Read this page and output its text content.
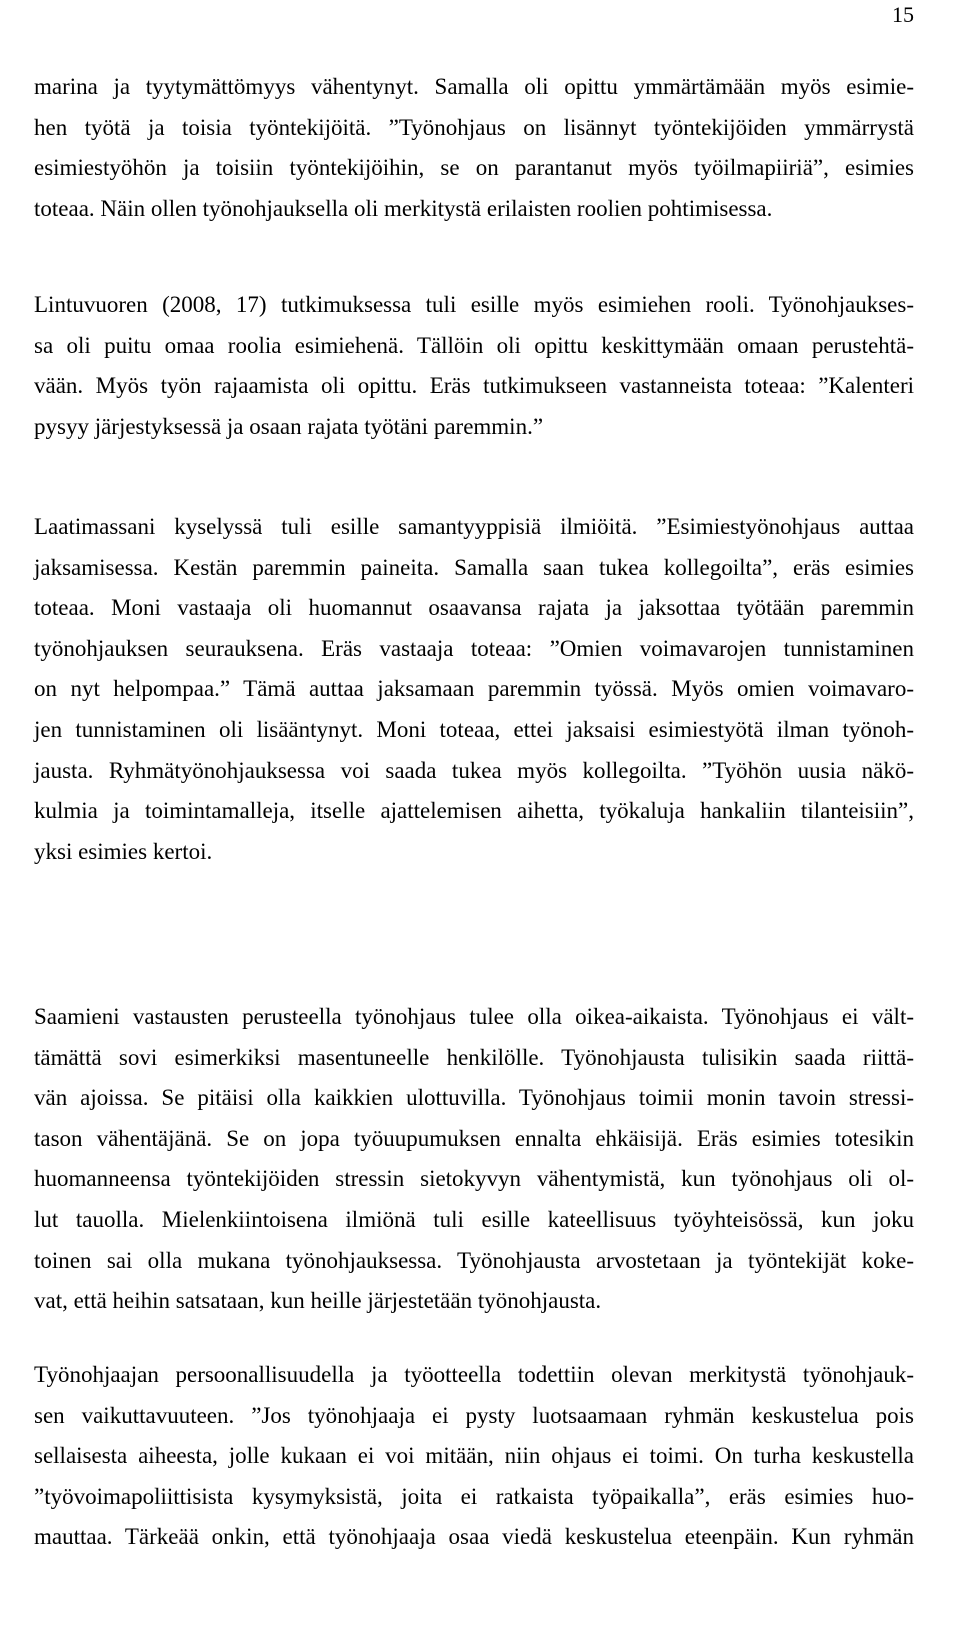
15
marina ja tyytymättömyys vähentynyt. Samalla oli opittu ymmärtämään myös esimie-
hen työtä ja toisia työntekijöitä. ”Työnohjaus on lisännyt työntekijöiden ymmärrystä
esimiestyöhön ja toisiin työntekijöihin, se on parantanut myös työilmapiiriä”, esimies
toteaa. Näin ollen työnohjauksella oli merkitystä erilaisten roolien pohtimisessa.
Lintuvuoren (2008, 17) tutkimuksessa tuli esille myös esimiehen rooli. Työnohjaukses-
sa oli puitu omaa roolia esimiehenä. Tällöin oli opittu keskittymään omaan perustehtä-
vään. Myös työn rajaamista oli opittu. Eräs tutkimukseen vastanneista toteaa: ”Kalenteri
pysyy järjestyksessä ja osaan rajata työtäni paremmin.”
Laatimassani kyselyssä tuli esille samantyyppisiä ilmiöitä. ”Esimiestyönohjaus auttaa
jaksamisessa. Kestän paremmin paineita. Samalla saan tukea kollegoilta”, eräs esimies
toteaa. Moni vastaaja oli huomannut osaavansa rajata ja jaksottaa työtään paremmin
työnohjauksen seurauksena. Eräs vastaaja toteaa: ”Omien voimavarojen tunnistaminen
on nyt helpompaa.” Tämä auttaa jaksamaan paremmin työssä. Myös omien voimavaro-
jen tunnistaminen oli lisääntynyt. Moni toteaa, ettei jaksaisi esimiestyötä ilman työnoh-
jausta. Ryhmätyönohjauksessa voi saada tukea myös kollegoilta. ”Työhön uusia näkö-
kulmia ja toimintamalleja, itselle ajattelemisen aihetta, työkaluja hankaliin tilanteisiin”,
yksi esimies kertoi.
Saamieni vastausten perusteella työnohjaus tulee olla oikea-aikaista. Työnohjaus ei vält-
tämättä sovi esimerkiksi masentuneelle henkilölle. Työnohjausta tulisikin saada riittä-
vän ajoissa. Se pitäisi olla kaikkien ulottuvilla. Työnohjaus toimii monin tavoin stressi-
tason vähentäjänä. Se on jopa työuupumuksen ennalta ehkäisijä. Eräs esimies totesikin
huomanneensa työntekijöiden stressin sietokyvyn vähentymistä, kun työnohjaus oli ol-
lut tauolla. Mielenkiintoisena ilmiönä tuli esille kateellisuus työyhteisössä, kun joku
toinen sai olla mukana työnohjauksessa. Työnohjausta arvostetaan ja työntekijät koke-
vat, että heihin satsataan, kun heille järjestetään työnohjausta.
Työnohjaajan persoonallisuudella ja työotteella todettiin olevan merkitystä työnohjauk-
sen vaikuttavuuteen. ”Jos työnohjaaja ei pysty luotsaamaan ryhmän keskustelua pois
sellaisesta aiheesta, jolle kukaan ei voi mitään, niin ohjaus ei toimi. On turha keskustella
”työvoimapoliittisista kysymyksistä, joita ei ratkaista työpaikalla”, eräs esimies huo-
mauttaa. Tärkeää onkin, että työnohjaaja osaa viedä keskustelua eteenpäin. Kun ryhmän
